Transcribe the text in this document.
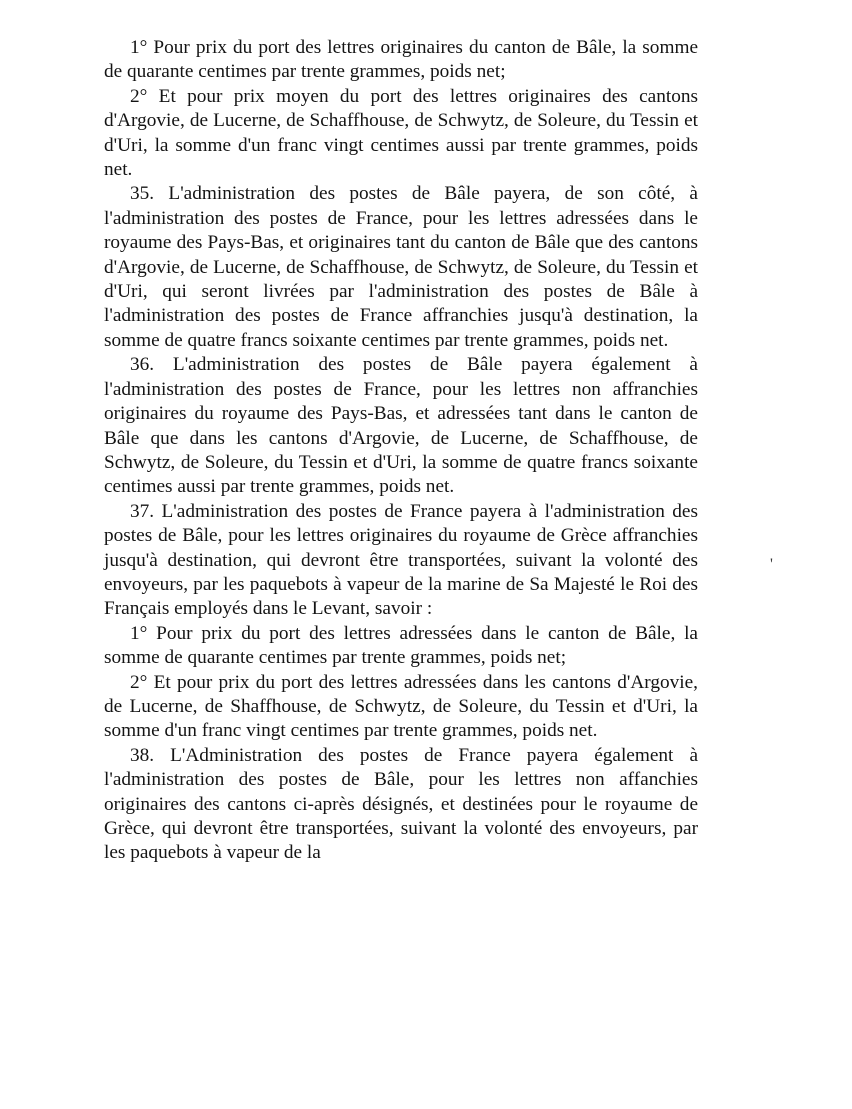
1° Pour prix du port des lettres originaires du canton de Bâle, la somme de quarante centimes par trente grammes, poids net;

2° Et pour prix moyen du port des lettres originaires des cantons d'Argovie, de Lucerne, de Schaffhouse, de Schwytz, de Soleure, du Tessin et d'Uri, la somme d'un franc vingt centimes aussi par trente grammes, poids net.

35. L'administration des postes de Bâle payera, de son côté, à l'administration des postes de France, pour les lettres adressées dans le royaume des Pays-Bas, et originaires tant du canton de Bâle que des cantons d'Argovie, de Lucerne, de Schaffhouse, de Schwytz, de Soleure, du Tessin et d'Uri, qui seront livrées par l'administration des postes de Bâle à l'administration des postes de France affranchies jusqu'à destination, la somme de quatre francs soixante centimes par trente grammes, poids net.

36. L'administration des postes de Bâle payera également à l'administration des postes de France, pour les lettres non affranchies originaires du royaume des Pays-Bas, et adressées tant dans le canton de Bâle que dans les cantons d'Argovie, de Lucerne, de Schaffhouse, de Schwytz, de Soleure, du Tessin et d'Uri, la somme de quatre francs soixante centimes aussi par trente grammes, poids net.

37. L'administration des postes de France payera à l'administration des postes de Bâle, pour les lettres originaires du royaume de Grèce affranchies jusqu'à destination, qui devront être transportées, suivant la volonté des envoyeurs, par les paquebots à vapeur de la marine de Sa Majesté le Roi des Français employés dans le Levant, savoir :

1° Pour prix du port des lettres adressées dans le canton de Bâle, la somme de quarante centimes par trente grammes, poids net;

2° Et pour prix du port des lettres adressées dans les cantons d'Argovie, de Lucerne, de Shaffhouse, de Schwytz, de Soleure, du Tessin et d'Uri, la somme d'un franc vingt centimes par trente grammes, poids net.

38. L'Administration des postes de France payera également à l'administration des postes de Bâle, pour les lettres non affanchies originaires des cantons ci-après désignés, et destinées pour le royaume de Grèce, qui devront être transportées, suivant la volonté des envoyeurs, par les paquebots à vapeur de la

'
